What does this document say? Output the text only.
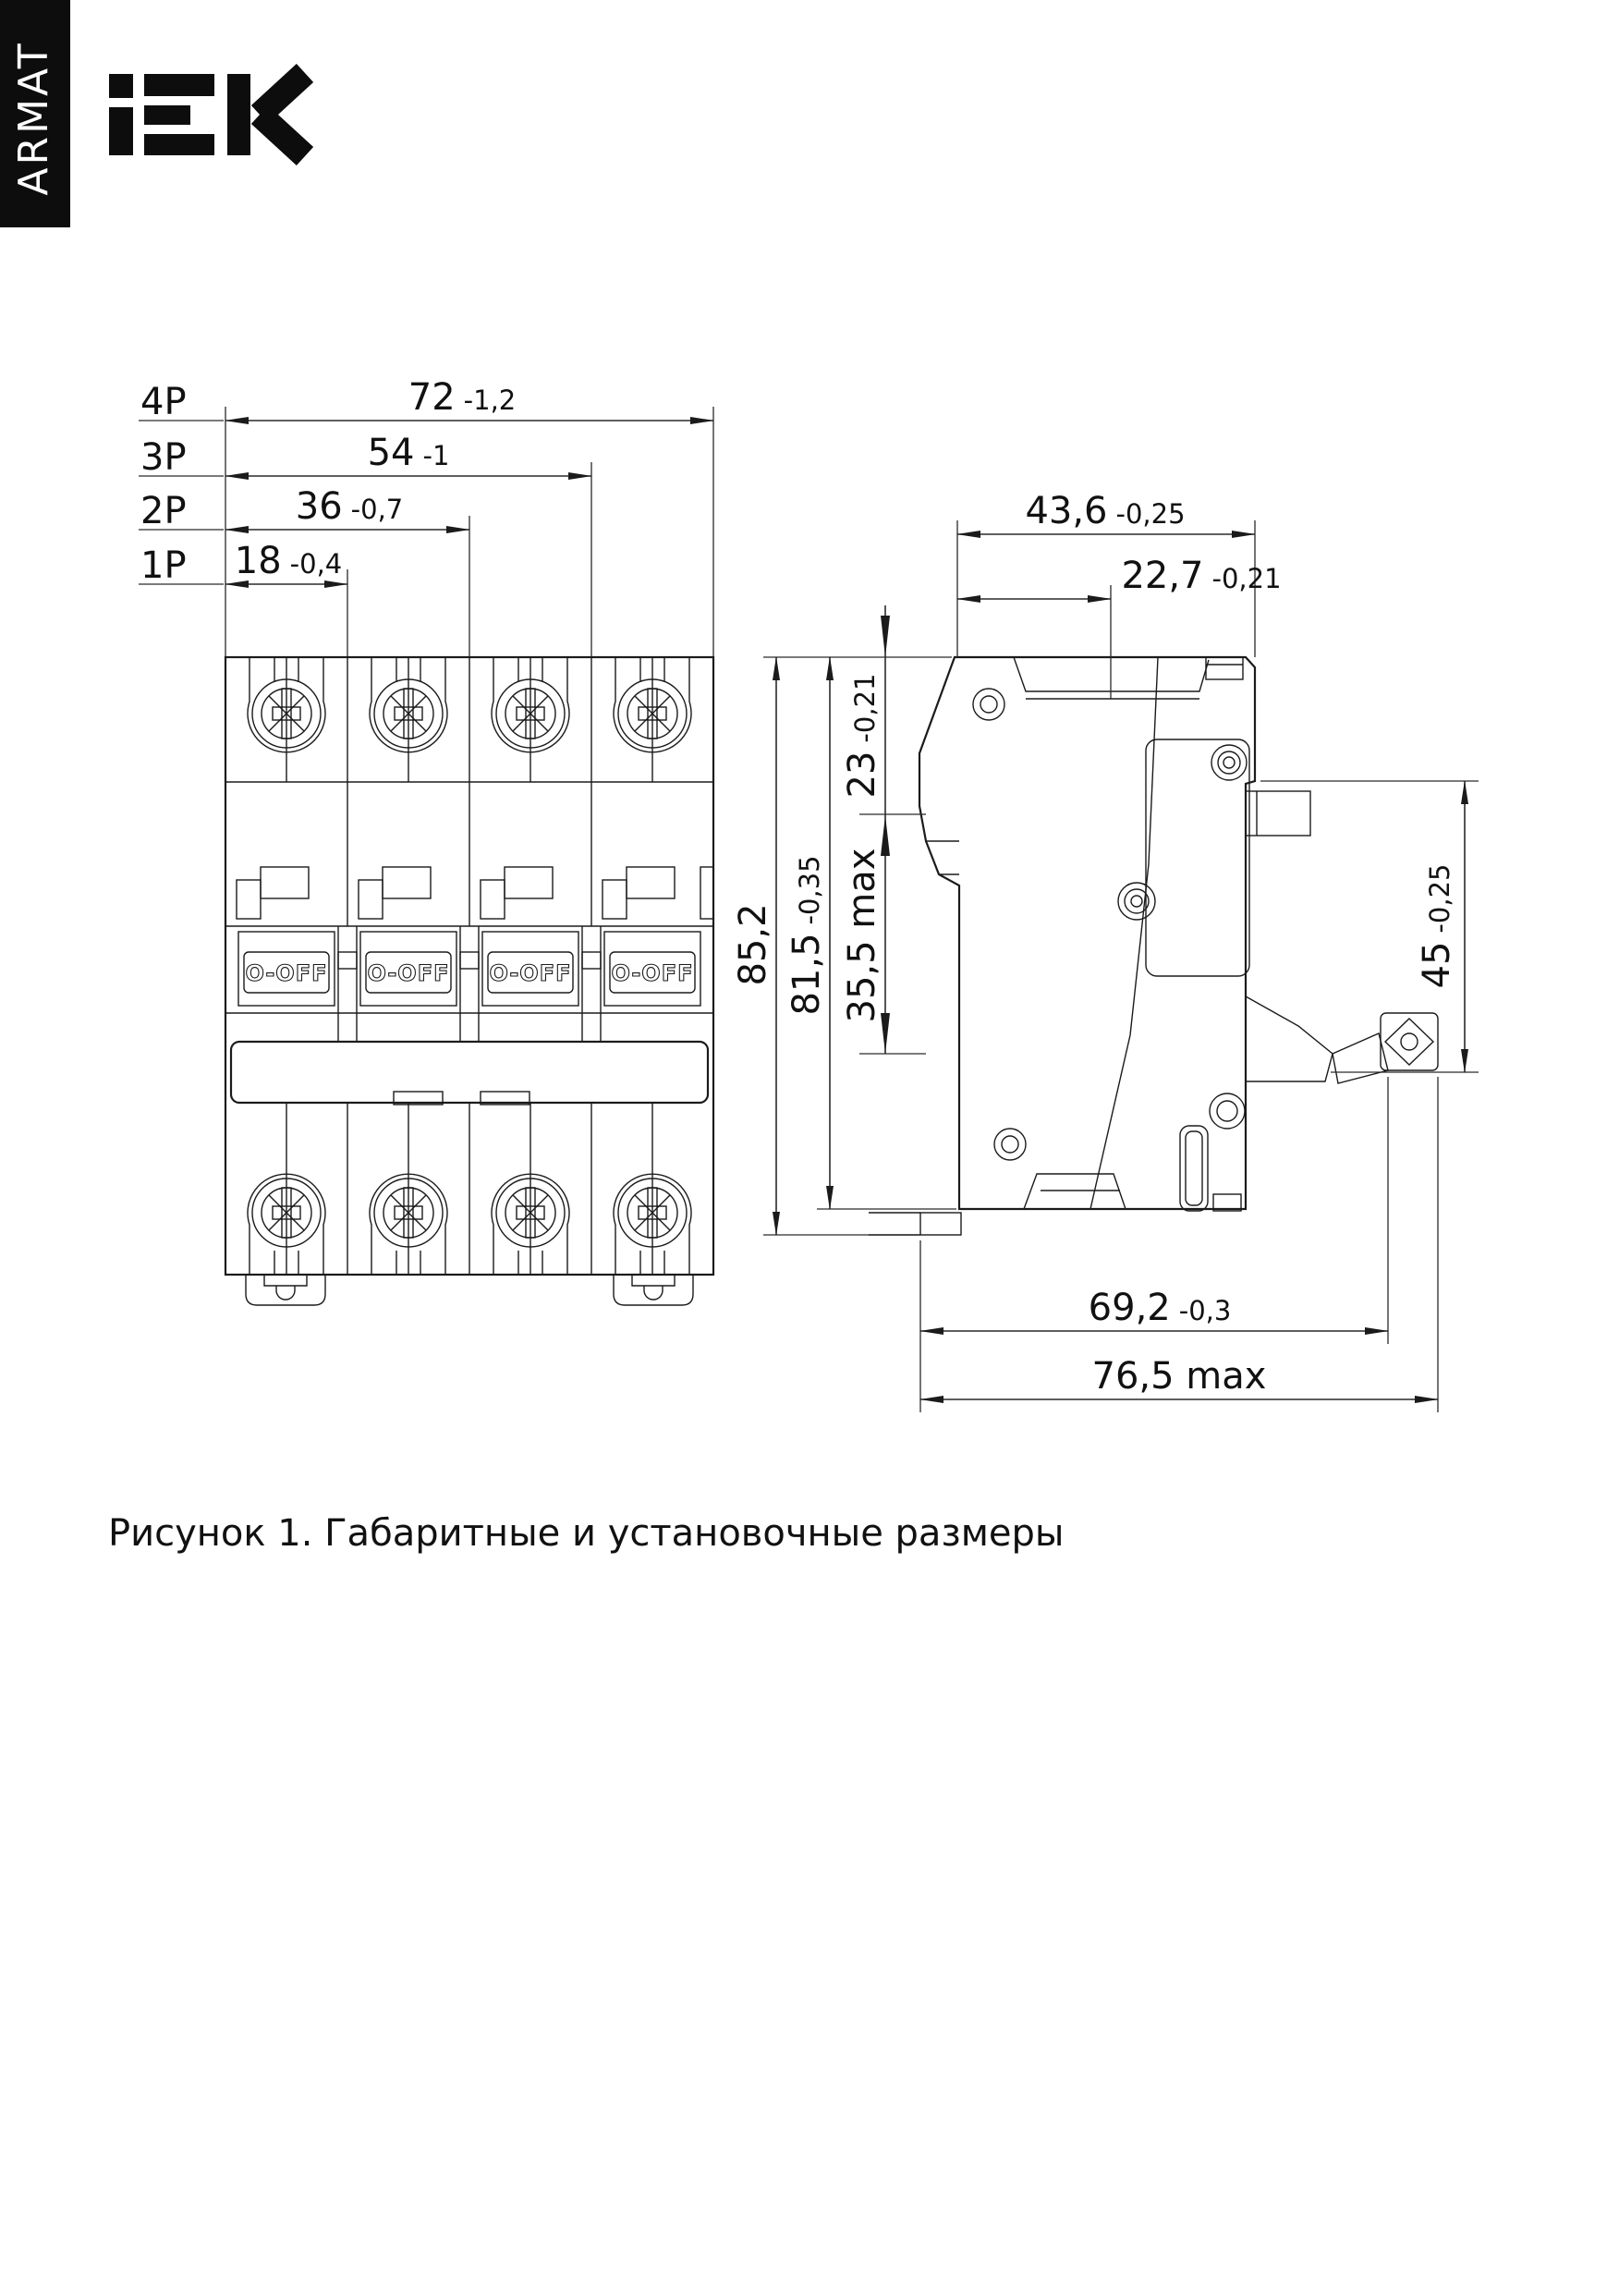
ARMAT
4P
3P
2P
1P
72 -1,2
54 -1
36 -0,7
18 -0,4
O-OFF O-OFF O-OFF O-OFF
43,6 -0,25
22,7 -0,21
85,2 81,5-0,35
23-0,21
35,5 max	45-0,25
69,2 -0,3
76,5 max
Рисунок 1. Габаритные и установочные размеры
